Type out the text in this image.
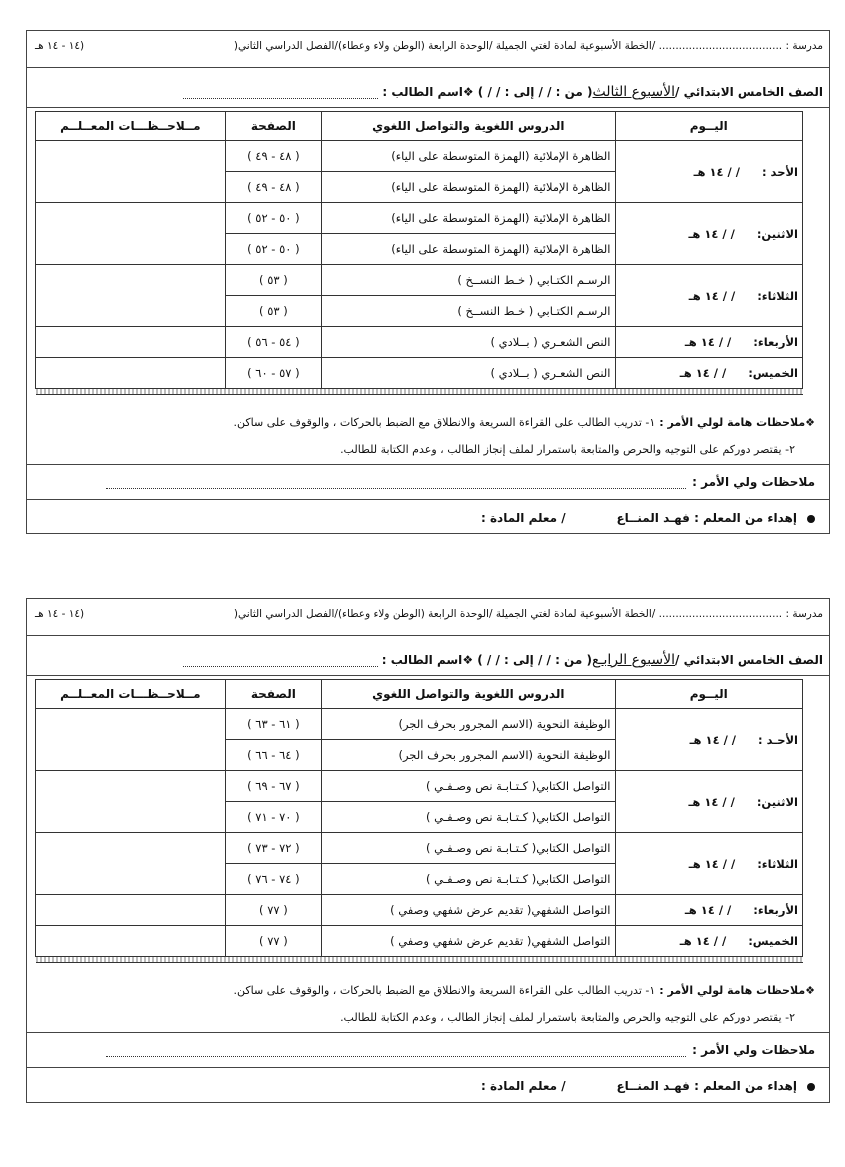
مدرسة : ..................................... /الخطة الأسبوعية لمادة لغتي الجميلة /الوحدة الرابعة (الوطن ولاء وعطاء)/الفصل الدراسي الثاني(
١٤ - ١٤ هـ)
الصف الخامس الابتدائي /الأسبوع الثالث( من : / / إلى : / / ) ❖اسم الطالب :
اليــوم	الدروس اللغوية والتواصل اللغوي	الصفحة	مــلاحــظـــات المعــلــم
الأحد :/ / ١٤ هـ	الظاهرة الإملائية (الهمزة المتوسطة على الياء)	( ٤٨ - ٤٩ )	
	الظاهرة الإملائية (الهمزة المتوسطة على الياء)	( ٤٨ - ٤٩ )	
الاثنين:/ / ١٤ هـ	الظاهرة الإملائية (الهمزة المتوسطة على الياء)	( ٥٠ - ٥٢ )	
	الظاهرة الإملائية (الهمزة المتوسطة على الياء)	( ٥٠ - ٥٢ )	
الثلاثاء:/ / ١٤ هـ	الرسـم الكتـابي ( خـط النســخ )	( ٥٣ )	
	الرسـم الكتـابي ( خـط النســخ )	( ٥٣ )	
الأربعاء:/ / ١٤ هـ	النص الشعـري ( بــلادي )	( ٥٤ - ٥٦ )	
الخميس:/ / ١٤ هـ	النص الشعـري ( بــلادي )	( ٥٧ - ٦٠ )	

❖ملاحظات هامة لولي الأمر :١- تدريب الطالب على القراءة السريعة والانطلاق مع الضبط بالحركات ، والوقوف على ساكن.
٢- يقتصر دوركم على التوجيه والحرص والمتابعة باستمرار لملف إنجاز الطالب ، وعدم الكتابة للطالب.
ملاحظات ولي الأمر :
إهداء من المعلم : فهـد المنــاع
/ معلم المادة :
مدرسة : ..................................... /الخطة الأسبوعية لمادة لغتي الجميلة /الوحدة الرابعة (الوطن ولاء وعطاء)/الفصل الدراسي الثاني(
١٤ - ١٤ هـ)
الصف الخامس الابتدائي /الأسبوع الرابـع( من : / / إلى : / / ) ❖اسم الطالب :
اليــوم	الدروس اللغوية والتواصل اللغوي	الصفحة	مــلاحــظـــات المعــلــم
الأحـد :/ / ١٤ هـ	الوظيفة النحوية (الاسم المجرور بحرف الجر)	( ٦١ - ٦٣ )	
	الوظيفة النحوية (الاسم المجرور بحرف الجر)	( ٦٤ - ٦٦ )	
الاثنين:/ / ١٤ هـ	التواصل الكتابي( كـتـابـة نص وصـفـي )	( ٦٧ - ٦٩ )	
	التواصل الكتابي( كـتـابـة نص وصـفـي )	( ٧٠ - ٧١ )	
الثلاثاء:/ / ١٤ هـ	التواصل الكتابي( كـتـابـة نص وصـفـي )	( ٧٢ - ٧٣ )	
	التواصل الكتابي( كـتـابـة نص وصـفـي )	( ٧٤ - ٧٦ )	
الأربعاء:/ / ١٤ هـ	التواصل الشفهي( تقديم عرض شفهي وصفي )	( ٧٧ )	
الخميس:/ / ١٤ هـ	التواصل الشفهي( تقديم عرض شفهي وصفي )	( ٧٧ )	

❖ملاحظات هامة لولي الأمر :١- تدريب الطالب على القراءة السريعة والانطلاق مع الضبط بالحركات ، والوقوف على ساكن.
٢- يقتصر دوركم على التوجيه والحرص والمتابعة باستمرار لملف إنجاز الطالب ، وعدم الكتابة للطالب.
ملاحظات ولي الأمر :
إهداء من المعلم : فهـد المنــاع
/ معلم المادة :
